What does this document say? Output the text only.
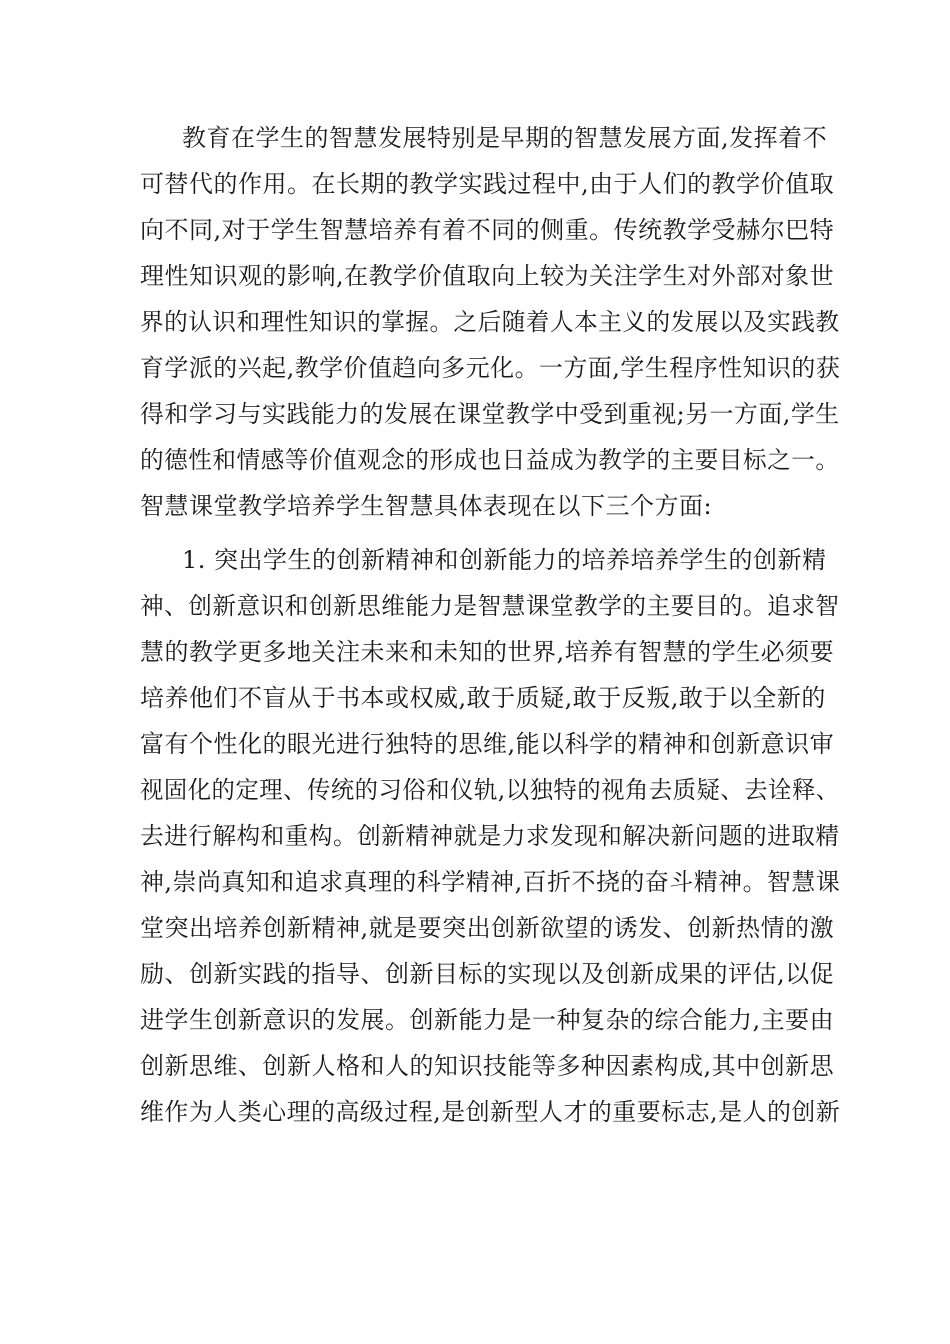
教育在学生的智慧发展特别是早期的智慧发展方面,发挥着不
可替代的作用。在长期的教学实践过程中,由于人们的教学价值取
向不同,对于学生智慧培养有着不同的侧重。传统教学受赫尔巴特
理性知识观的影响,在教学价值取向上较为关注学生对外部对象世
界的认识和理性知识的掌握。之后随着人本主义的发展以及实践教
育学派的兴起,教学价值趋向多元化。一方面,学生程序性知识的获
得和学习与实践能力的发展在课堂教学中受到重视;另一方面,学生
的德性和情感等价值观念的形成也日益成为教学的主要目标之一。
智慧课堂教学培养学生智慧具体表现在以下三个方面:
1. 突出学生的创新精神和创新能力的培养培养学生的创新精
神、创新意识和创新思维能力是智慧课堂教学的主要目的。追求智
慧的教学更多地关注未来和未知的世界,培养有智慧的学生必须要
培养他们不盲从于书本或权威,敢于质疑,敢于反叛,敢于以全新的
富有个性化的眼光进行独特的思维,能以科学的精神和创新意识审
视固化的定理、传统的习俗和仪轨,以独特的视角去质疑、去诠释、
去进行解构和重构。创新精神就是力求发现和解决新问题的进取精
神,崇尚真知和追求真理的科学精神,百折不挠的奋斗精神。智慧课
堂突出培养创新精神,就是要突出创新欲望的诱发、创新热情的激
励、创新实践的指导、创新目标的实现以及创新成果的评估,以促
进学生创新意识的发展。创新能力是一种复杂的综合能力,主要由
创新思维、创新人格和人的知识技能等多种因素构成,其中创新思
维作为人类心理的高级过程,是创新型人才的重要标志,是人的创新
